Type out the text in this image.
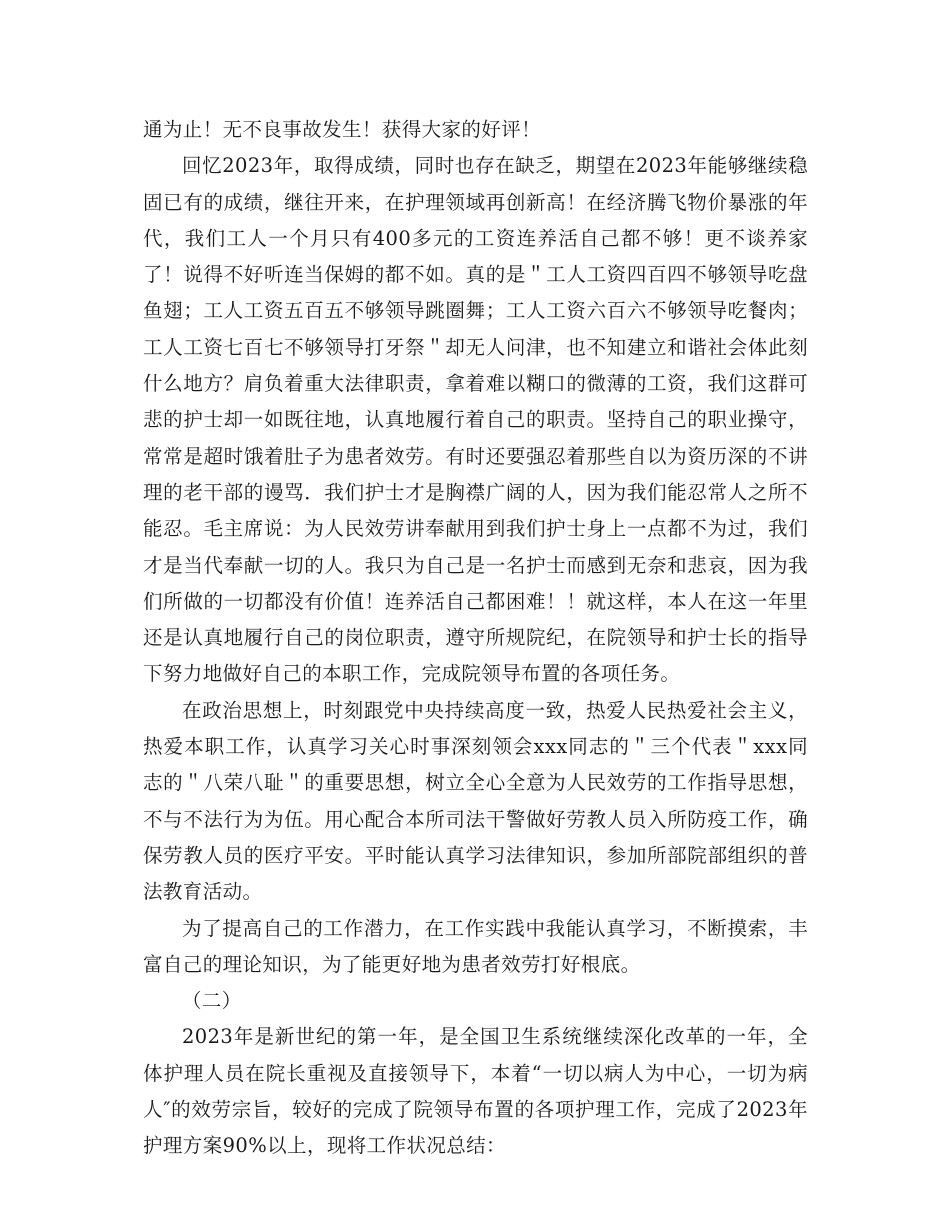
通为止！无不良事故发生！获得大家的好评！

回忆2023年，取得成绩，同时也存在缺乏，期望在2023年能够继续稳固已有的成绩，继往开来，在护理领域再创新高！在经济腾飞物价暴涨的年代，我们工人一个月只有400多元的工资连养活自己都不够！更不谈养家了！说得不好听连当保姆的都不如。真的是＂工人工资四百四不够领导吃盘鱼翅；工人工资五百五不够领导跳圈舞；工人工资六百六不够领导吃餐肉；工人工资七百七不够领导打牙祭＂却无人问津，也不知建立和谐社会体此刻什么地方？肩负着重大法律职责，拿着难以糊口的微薄的工资，我们这群可悲的护士却一如既往地，认真地履行着自己的职责。坚持自己的职业操守，常常是超时饿着肚子为患者效劳。有时还要强忍着那些自以为资历深的不讲理的老干部的谩骂．我们护士才是胸襟广阔的人，因为我们能忍常人之所不能忍。毛主席说：为人民效劳讲奉献用到我们护士身上一点都不为过，我们才是当代奉献一切的人。我只为自己是一名护士而感到无奈和悲哀，因为我们所做的一切都没有价值！连养活自己都困难！！就这样，本人在这一年里还是认真地履行自己的岗位职责，遵守所规院纪，在院领导和护士长的指导下努力地做好自己的本职工作，完成院领导布置的各项任务。

在政治思想上，时刻跟党中央持续高度一致，热爱人民热爱社会主义，热爱本职工作，认真学习关心时事深刻领会xxx同志的＂三个代表＂xxx同志的＂八荣八耻＂的重要思想，树立全心全意为人民效劳的工作指导思想，不与不法行为为伍。用心配合本所司法干警做好劳教人员入所防疫工作，确保劳教人员的医疗平安。平时能认真学习法律知识，参加所部院部组织的普法教育活动。

为了提高自己的工作潜力，在工作实践中我能认真学习，不断摸索，丰富自己的理论知识，为了能更好地为患者效劳打好根底。

（二）

2023年是新世纪的第一年，是全国卫生系统继续深化改革的一年，全体护理人员在院长重视及直接领导下，本着“一切以病人为中心，一切为病人″的效劳宗旨，较好的完成了院领导布置的各项护理工作，完成了2023年护理方案90%以上，现将工作状况总结：
